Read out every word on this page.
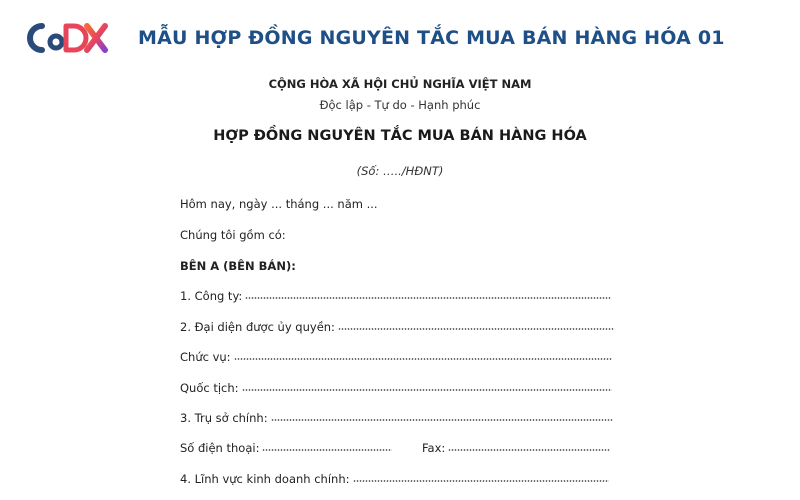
MẪU HỢP ĐỒNG NGUYÊN TẮC MUA BÁN HÀNG HÓA 01
CỘNG HÒA XÃ HỘI CHỦ NGHĨA VIỆT NAM
Độc lập - Tự do - Hạnh phúc
HỢP ĐỒNG NGUYÊN TẮC MUA BÁN HÀNG HÓA
(Số: …../HĐNT)
Hôm nay, ngày ... tháng ... năm ...
Chúng tôi gồm có:
BÊN A (BÊN BÁN):
1. Công ty:
2. Đại diện được ủy quyền:
Chức vụ:
Quốc tịch:
3. Trụ sở chính:
Số điện thoại:	Fax:
4. Lĩnh vực kinh doanh chính:
